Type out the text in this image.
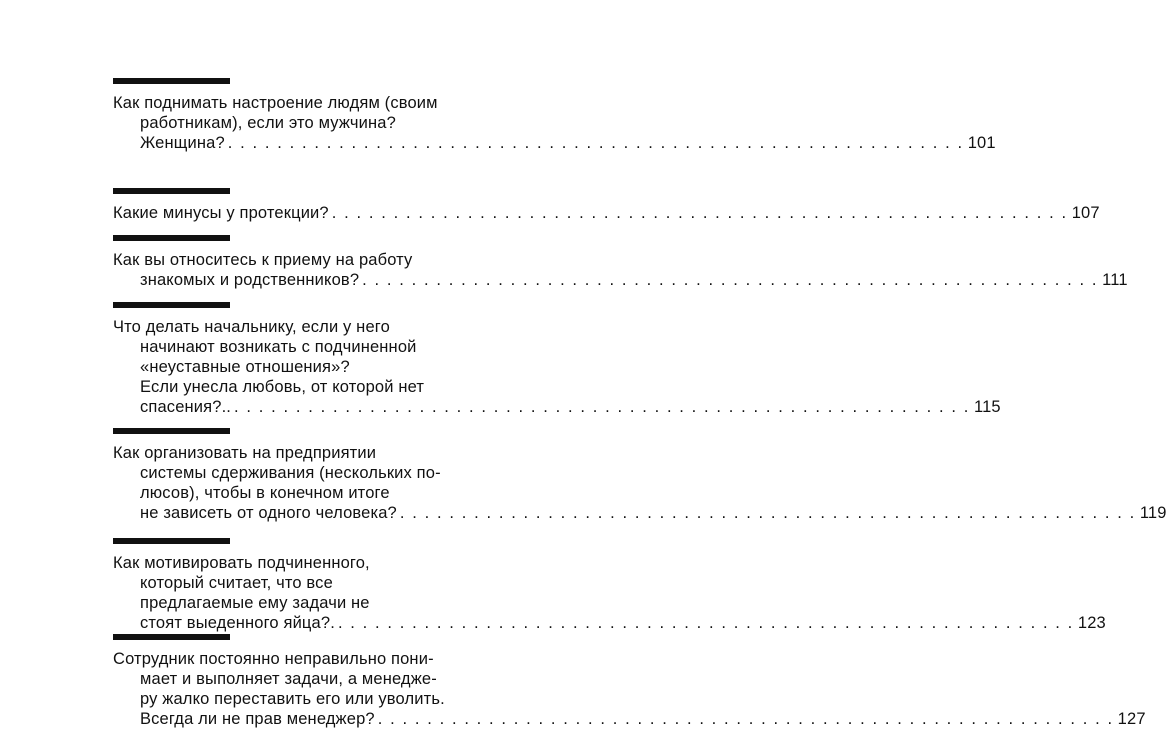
Как поднимать настроение людям (своим
работникам), если это мужчина?
Женщина? . . . . . . . . . . . . . . . . . . . . . . . . . . . . . . . . . . . . . . . . . . . . . . . . . . . . . . . . . . . . 101
Какие минусы у протекции? . . . . . . . . . . . . . . . . . . . . . . . . . . . . . . . . . . . . . . . . . . . . . . . . . . . . . . . . . . . . 107
Как вы относитесь к приему на работу
знакомых и родственников? . . . . . . . . . . . . . . . . . . . . . . . . . . . . . . . . . . . . . . . . . . . . . . . . . . . . . . . . . . . . 111
Что делать начальнику, если у него
начинают возникать с подчиненной
«неуставные отношения»?
Если унесла любовь, от которой нет
спасения?.. . . . . . . . . . . . . . . . . . . . . . . . . . . . . . . . . . . . . . . . . . . . . . . . . . . . . . . . . . . . . 115
Как организовать на предприятии
системы сдерживания (нескольких по-
люсов), чтобы в конечном итоге
не зависеть от одного человека? . . . . . . . . . . . . . . . . . . . . . . . . . . . . . . . . . . . . . . . . . . . . . . . . . . . . . . . . . . . . 119
Как мотивировать подчиненного,
который считает, что все
предлагаемые ему задачи не
стоят выеденного яйца?. . . . . . . . . . . . . . . . . . . . . . . . . . . . . . . . . . . . . . . . . . . . . . . . . . . . . . . . . . . . . 123
Сотрудник постоянно неправильно пони-
мает и выполняет задачи, а менедже-
ру жалко переставить его или уволить.
Всегда ли не прав менеджер? . . . . . . . . . . . . . . . . . . . . . . . . . . . . . . . . . . . . . . . . . . . . . . . . . . . . . . . . . . . . 127
